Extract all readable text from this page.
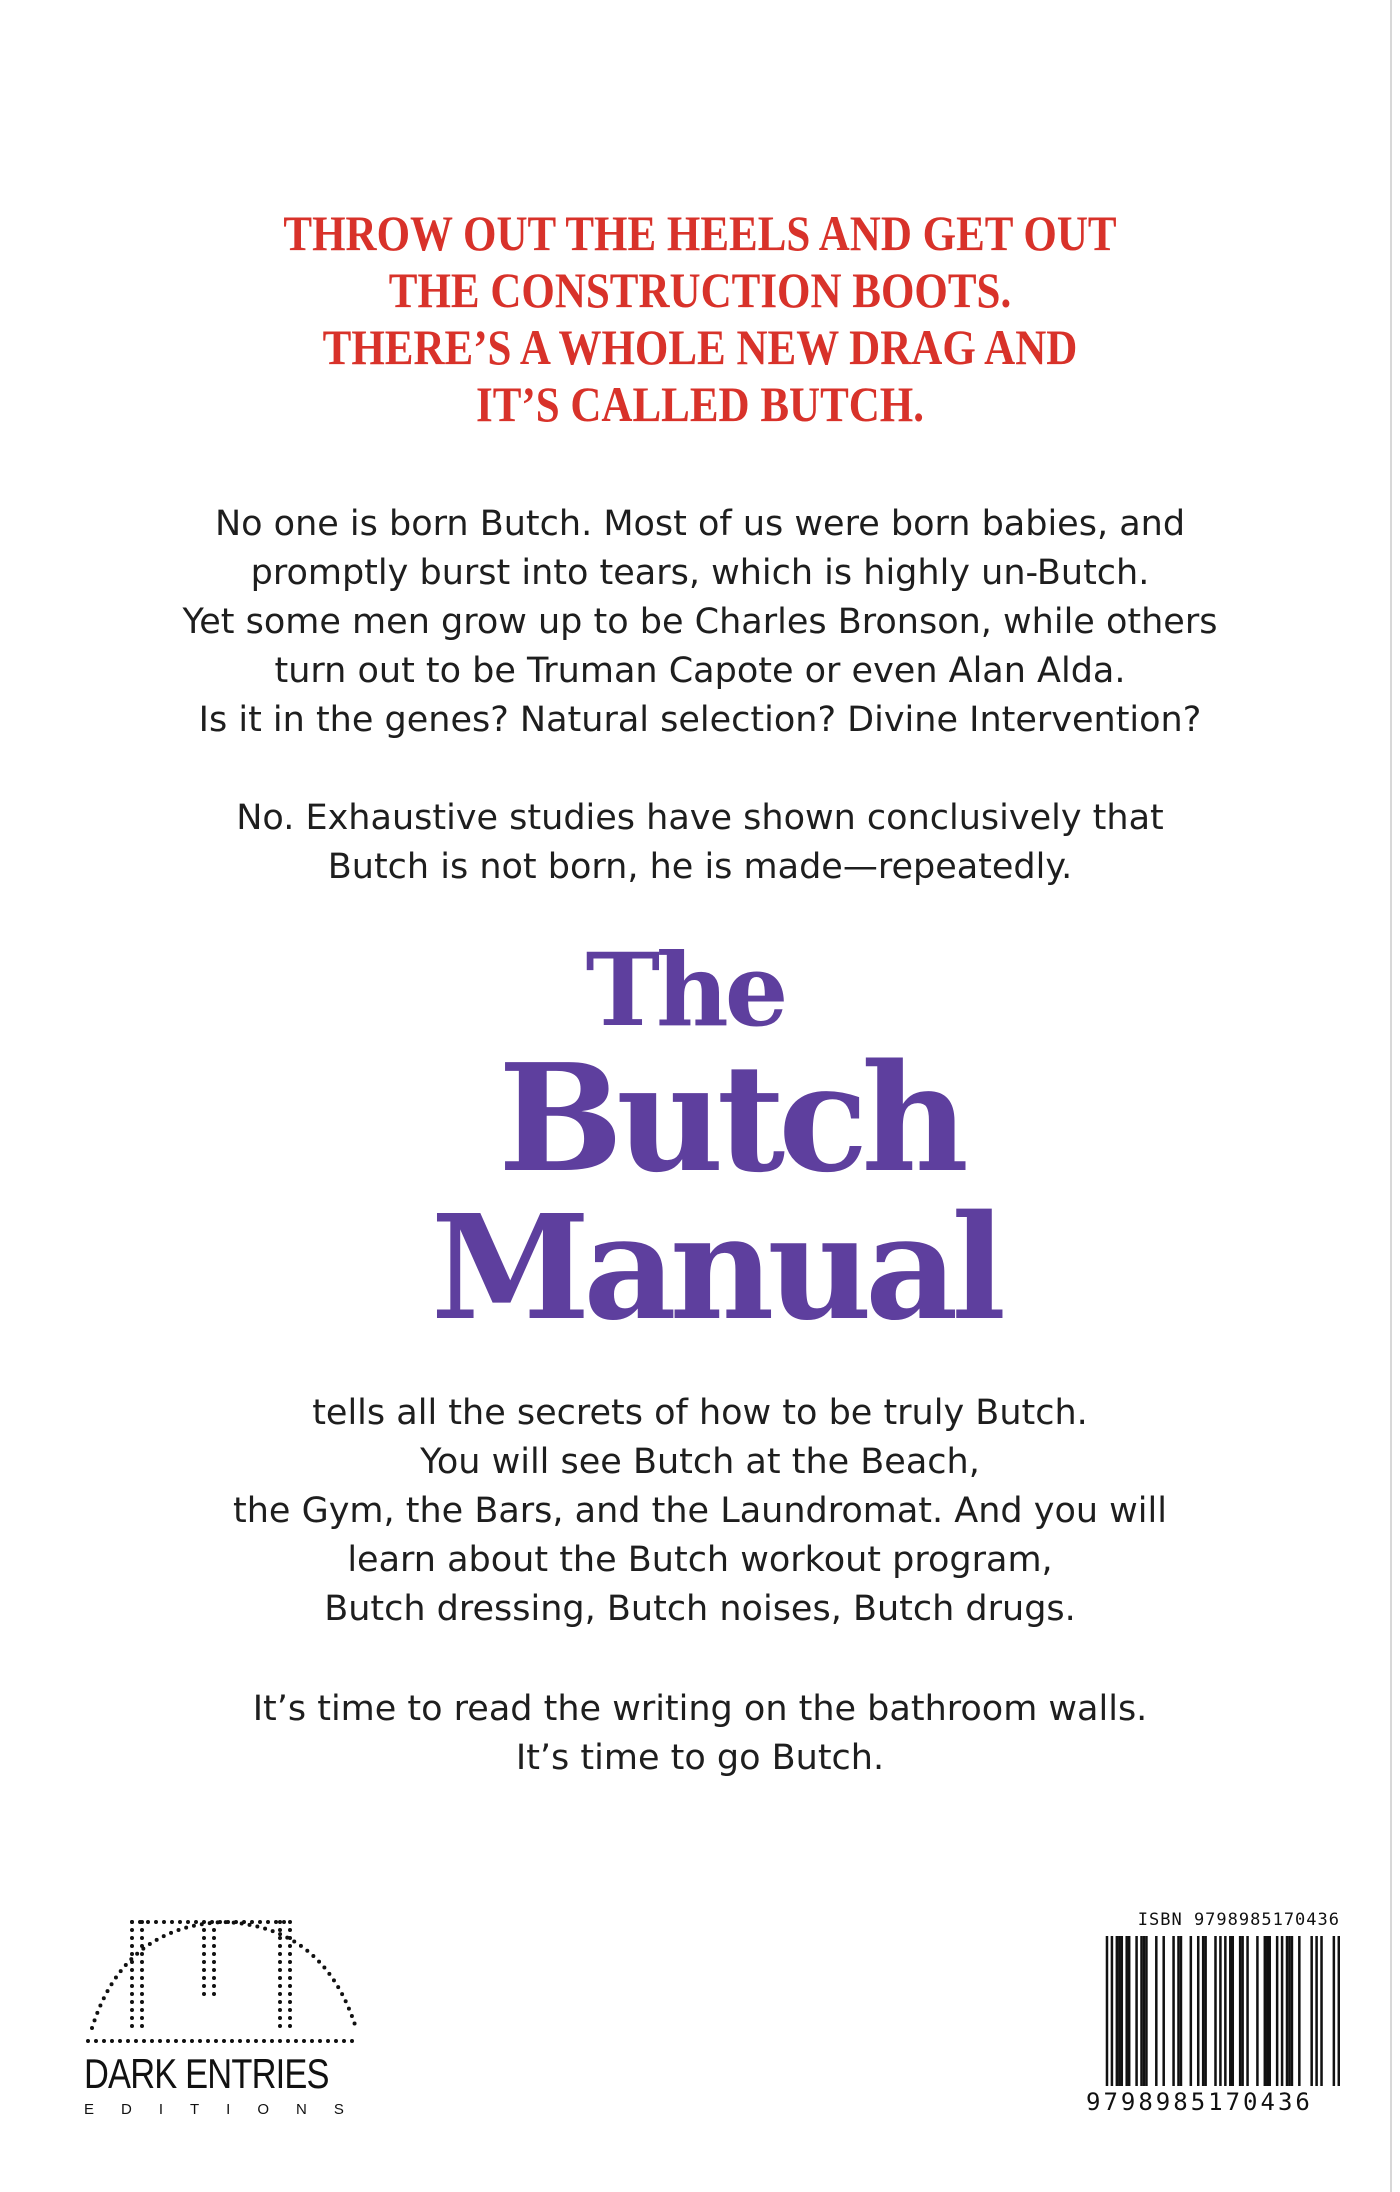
THROW OUT THE HEELS AND GET OUT
THE CONSTRUCTION BOOTS.
THERE’S A WHOLE NEW DRAG AND
IT’S CALLED BUTCH.
No one is born Butch. Most of us were born babies, and
promptly burst into tears, which is highly un-Butch.
Yet some men grow up to be Charles Bronson, while others
turn out to be Truman Capote or even Alan Alda.
Is it in the genes? Natural selection? Divine Intervention?
No. Exhaustive studies have shown conclusively that
Butch is not born, he is made—repeatedly.
The
Butch
Manual
tells all the secrets of how to be truly Butch.
You will see Butch at the Beach,
the Gym, the Bars, and the Laundromat. And you will
learn about the Butch workout program,
Butch dressing, Butch noises, Butch drugs.
It’s time to read the writing on the bathroom walls.
It’s time to go Butch.
DARK ENTRIES
EDITIONS
ISBN 9798985170436
9798985170436
